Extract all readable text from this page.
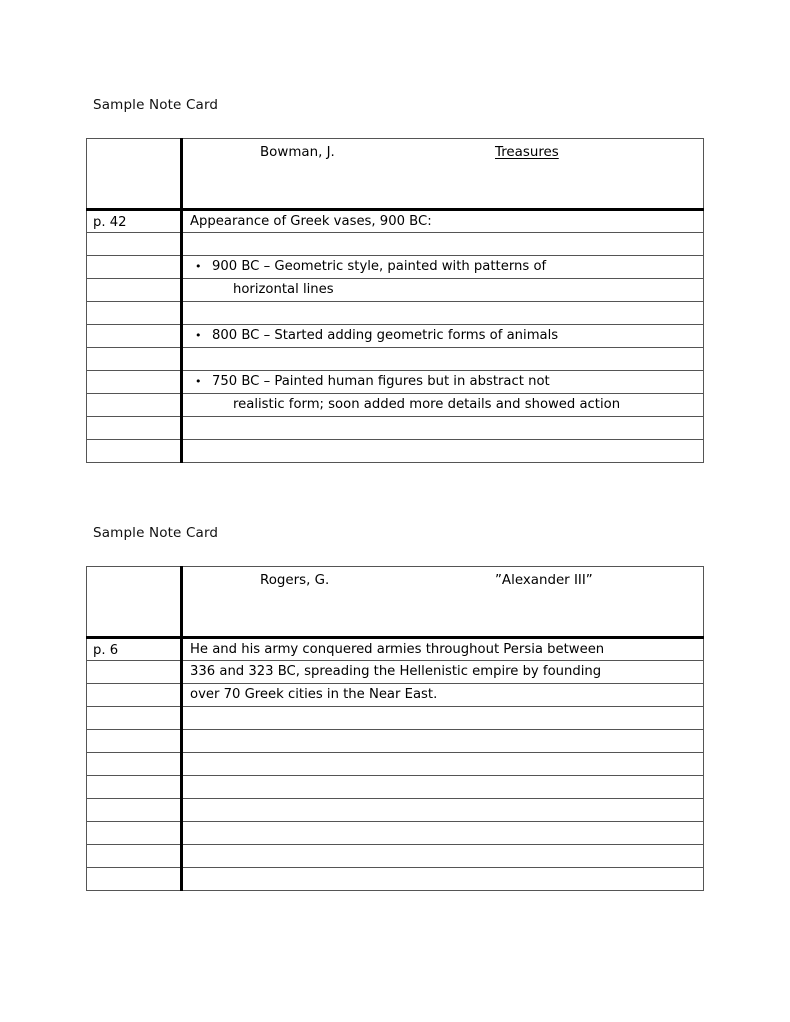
Sample Note Card

	Bowman, J. Treasures

p. 42	Appearance of Greek vases, 900 BC:

	• 900 BC – Geometric style, painted with patterns of

	horizontal lines

	• 800 BC – Started adding geometric forms of animals

	• 750 BC – Painted human figures but in abstract not

	realistic form; soon added more details and showed action

Sample Note Card

	Rogers, G. ”Alexander III”

p. 6	He and his army conquered armies throughout Persia between

	336 and 323 BC, spreading the Hellenistic empire by founding

	over 70 Greek cities in the Near East.
